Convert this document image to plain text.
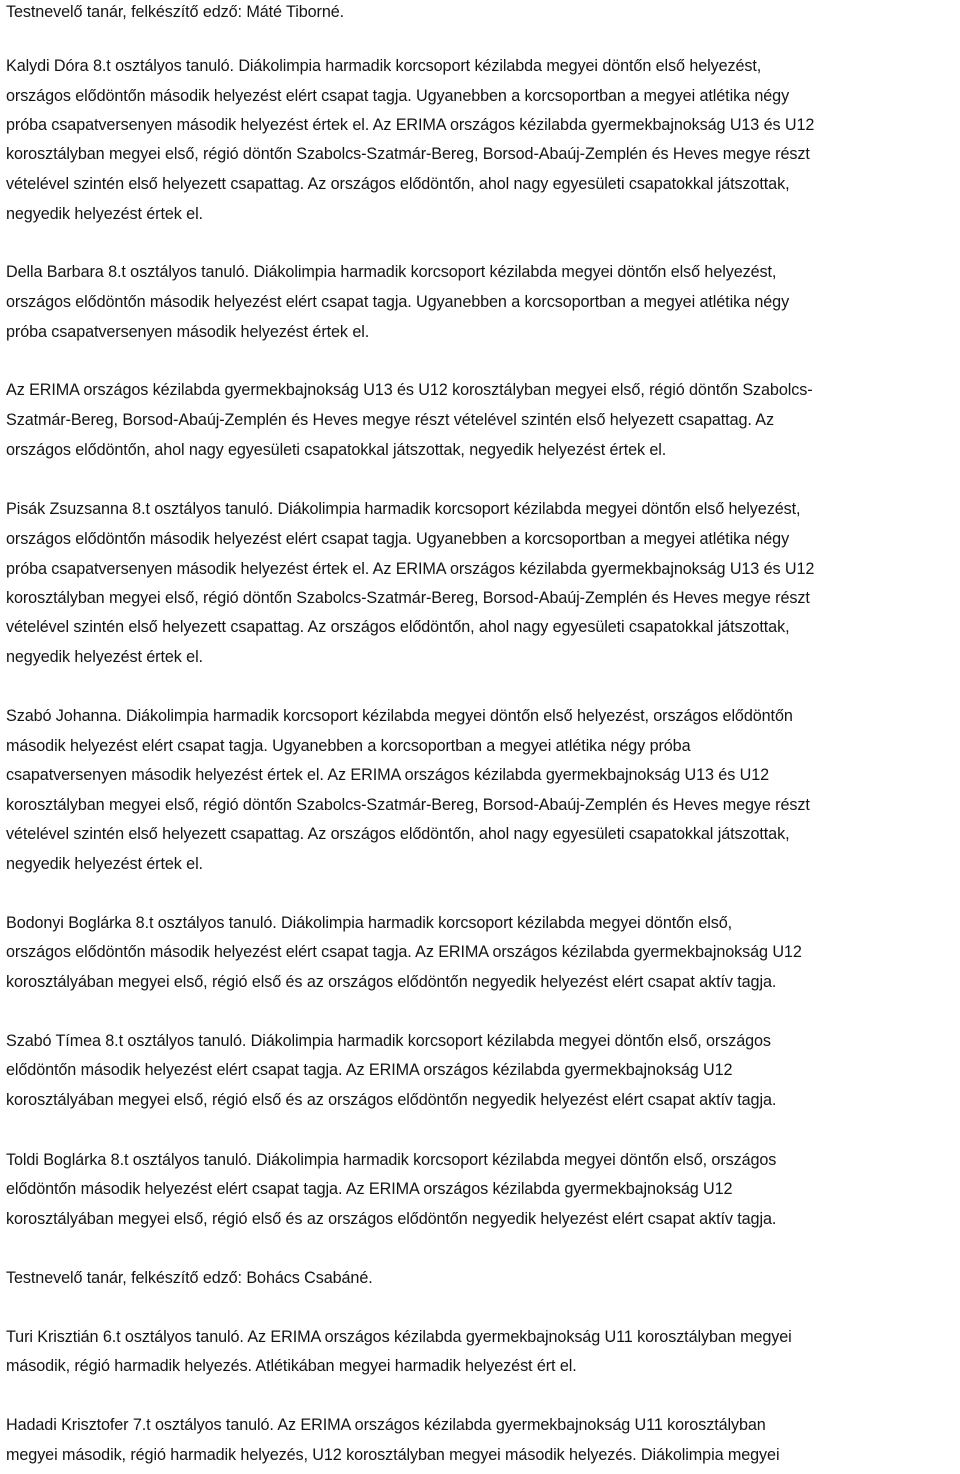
Testnevelő tanár, felkészítő edző: Máté Tiborné.
Kalydi Dóra 8.t osztályos tanuló. Diákolimpia harmadik korcsoport kézilabda megyei döntőn első helyezést,
országos elődöntőn második helyezést elért csapat tagja. Ugyanebben a korcsoportban a megyei atlétika négy
próba csapatversenyen második helyezést értek el. Az ERIMA országos kézilabda gyermekbajnokság U13 és U12
korosztályban megyei első, régió döntőn Szabolcs-Szatmár-Bereg, Borsod-Abaúj-Zemplén és Heves megye részt
vételével szintén első helyezett csapattag. Az országos elődöntőn, ahol nagy egyesületi csapatokkal játszottak,
negyedik helyezést értek el.
Della Barbara 8.t osztályos tanuló. Diákolimpia harmadik korcsoport kézilabda megyei döntőn első helyezést,
országos elődöntőn második helyezést elért csapat tagja. Ugyanebben a korcsoportban a megyei atlétika négy
próba csapatversenyen második helyezést értek el.
Az ERIMA országos kézilabda gyermekbajnokság U13 és U12 korosztályban megyei első, régió döntőn Szabolcs-
Szatmár-Bereg, Borsod-Abaúj-Zemplén és Heves megye részt vételével szintén első helyezett csapattag. Az
országos elődöntőn, ahol nagy egyesületi csapatokkal játszottak, negyedik helyezést értek el.
Pisák Zsuzsanna 8.t osztályos tanuló. Diákolimpia harmadik korcsoport kézilabda megyei döntőn első helyezést,
országos elődöntőn második helyezést elért csapat tagja. Ugyanebben a korcsoportban a megyei atlétika négy
próba csapatversenyen második helyezést értek el. Az ERIMA országos kézilabda gyermekbajnokság U13 és U12
korosztályban megyei első, régió döntőn Szabolcs-Szatmár-Bereg, Borsod-Abaúj-Zemplén és Heves megye részt
vételével szintén első helyezett csapattag. Az országos elődöntőn, ahol nagy egyesületi csapatokkal játszottak,
negyedik helyezést értek el.
Szabó Johanna. Diákolimpia harmadik korcsoport kézilabda megyei döntőn első helyezést, országos elődöntőn
második helyezést elért csapat tagja. Ugyanebben a korcsoportban a megyei atlétika négy próba
csapatversenyen második helyezést értek el. Az ERIMA országos kézilabda gyermekbajnokság U13 és U12
korosztályban megyei első, régió döntőn Szabolcs-Szatmár-Bereg, Borsod-Abaúj-Zemplén és Heves megye részt
vételével szintén első helyezett csapattag. Az országos elődöntőn, ahol nagy egyesületi csapatokkal játszottak,
negyedik helyezést értek el.
Bodonyi Boglárka 8.t osztályos tanuló. Diákolimpia harmadik korcsoport kézilabda megyei döntőn első,
országos elődöntőn második helyezést elért csapat tagja. Az ERIMA országos kézilabda gyermekbajnokság U12
korosztályában megyei első, régió első és az országos elődöntőn negyedik helyezést elért csapat aktív tagja.
Szabó Tímea 8.t osztályos tanuló. Diákolimpia harmadik korcsoport kézilabda megyei döntőn első, országos
elődöntőn második helyezést elért csapat tagja. Az ERIMA országos kézilabda gyermekbajnokság U12
korosztályában megyei első, régió első és az országos elődöntőn negyedik helyezést elért csapat aktív tagja.
Toldi Boglárka 8.t osztályos tanuló. Diákolimpia harmadik korcsoport kézilabda megyei döntőn első, országos
elődöntőn második helyezést elért csapat tagja. Az ERIMA országos kézilabda gyermekbajnokság U12
korosztályában megyei első, régió első és az országos elődöntőn negyedik helyezést elért csapat aktív tagja.
Testnevelő tanár, felkészítő edző: Bohács Csabáné.
Turi Krisztián 6.t osztályos tanuló. Az ERIMA országos kézilabda gyermekbajnokság U11 korosztályban megyei
második, régió harmadik helyezés. Atlétikában megyei harmadik helyezést ért el.
Hadadi Krisztofer 7.t osztályos tanuló. Az ERIMA országos kézilabda gyermekbajnokság U11 korosztályban
megyei második, régió harmadik helyezés, U12 korosztályban megyei második helyezés. Diákolimpia megyei
